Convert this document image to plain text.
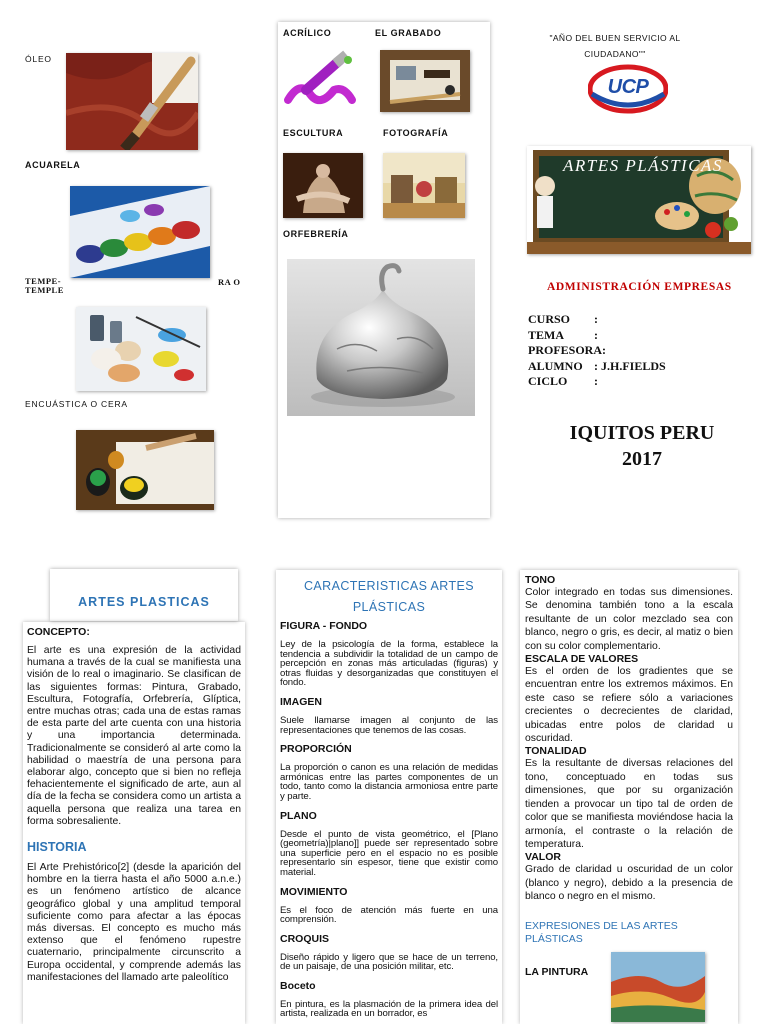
ÓLEO
ACUARELA
TEMPE-
TEMPLE
RA O
ENCUÁSTICA O CERA
ACRÍLICO	EL GRABADO
ESCULTURA	FOTOGRAFÍA
ORFEBRERÍA
"AÑO DEL BUEN SERVICIO AL
CIUDADANO""
UCP
ARTES PLÁSTICAS
ADMINISTRACIÓN EMPRESAS
CURSO	:
TEMA	:
PROFESORA :
ALUMNO : J.H.FIELDS
CICLO	:
IQUITOS PERU
2017
ARTES PLASTICAS
CONCEPTO:
El arte es una expresión de la actividad humana a través de la cual se manifiesta una visión de lo real o imaginario. Se clasifican de las siguientes formas: Pintura, Grabado, Escultura, Fotografía, Orfebrería, Glíptica, entre muchas otras; cada una de estas ramas de esta parte del arte cuenta con una historia y una importancia determinada. Tradicionalmente se consideró al arte como la habilidad o maestría de una persona para elaborar algo, concepto que si bien no refleja fehacientemente el significado de arte, aun al día de la fecha se considera como un artista a aquella persona que realiza una tarea en forma sobresaliente.
HISTORIA
El Arte Prehistórico[2] (desde la aparición del hombre en la tierra hasta el año 5000 a.n.e.) es un fenómeno artístico de alcance geográfico global y una amplitud temporal suficiente como para afectar a las épocas más diversas. El concepto es mucho más extenso que el fenómeno rupestre cuaternario, principalmente circunscrito a Europa occidental, y comprende además las manifestaciones del llamado arte paleolítico
CARACTERISTICAS ARTES PLÁSTICAS
FIGURA - FONDO
Ley de la psicología de la forma, establece la tendencia a subdividir la totalidad de un campo de percepción en zonas más articuladas (figuras) y otras fluidas y desorganizadas que constituyen el fondo.
IMAGEN
Suele llamarse imagen al conjunto de las representaciones que tenemos de las cosas.
PROPORCIÓN
La proporción o canon es una relación de medidas armónicas entre las partes componentes de un todo, tanto como la distancia armoniosa entre parte y parte.
PLANO
Desde el punto de vista geométrico, el [Plano (geometría)|plano]] puede ser representado sobre una superficie pero en el espacio no es posible representarlo sin espesor, tiene que existir como material.
MOVIMIENTO
Es el foco de atención más fuerte en una comprensión.
CROQUIS
Diseño rápido y ligero que se hace de un terreno, de un paisaje, de una posición militar, etc.
Boceto
En pintura, es la plasmación de la primera idea del artista, realizada en un borrador, es
TONO
Color integrado en todas sus dimensiones. Se denomina también tono a la escala resultante de un color mezclado sea con blanco, negro o gris, es decir, al matiz o bien con su color complementario.
ESCALA DE VALORES
Es el orden de los gradientes que se encuentran entre los extremos máximos. En este caso se refiere sólo a variaciones crecientes o decrecientes de claridad, ubicadas entre polos de claridad u oscuridad.
TONALIDAD
Es la resultante de diversas relaciones del tono, conceptuado en todas sus dimensiones, que por su organización tienden a provocar un tipo tal de orden de color que se manifiesta moviéndose hacia la armonía, el contraste o la relación de temperatura.
VALOR
Grado de claridad u oscuridad de un color (blanco y negro), debido a la presencia de blanco o negro en el mismo.
EXPRESIONES DE LAS ARTES PLÁSTICAS
LA PINTURA
